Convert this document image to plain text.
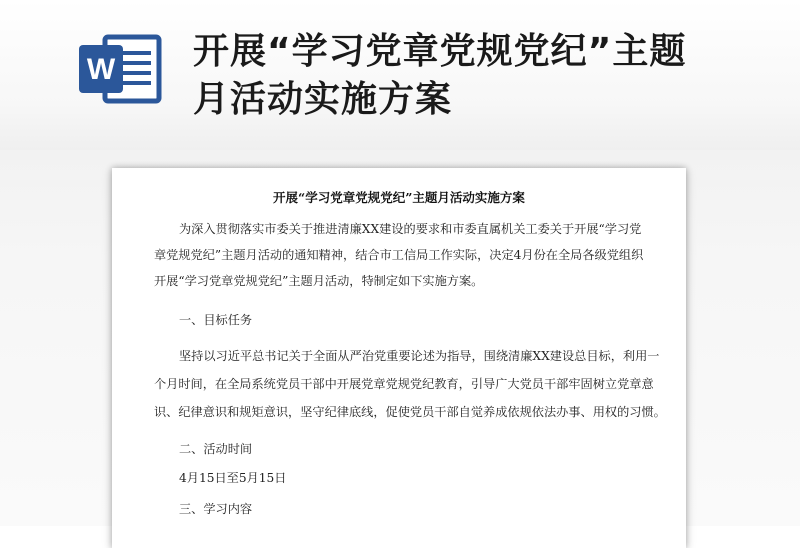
W 开展“学习党章党规党纪”主题
月活动实施方案
开展“学习党章党规党纪”主题月活动实施方案
为深入贯彻落实市委关于推进清廉XX建设的要求和市委直属机关工委关于开展“学习党
章党规党纪”主题月活动的通知精神，结合市工信局工作实际，决定4月份在全局各级党组织
开展“学习党章党规党纪”主题月活动，特制定如下实施方案。
一、目标任务
坚持以习近平总书记关于全面从严治党重要论述为指导，围绕清廉XX建设总目标，利用一
个月时间，在全局系统党员干部中开展党章党规党纪教育，引导广大党员干部牢固树立党章意
识、纪律意识和规矩意识，坚守纪律底线，促使党员干部自觉养成依规依法办事、用权的习惯。
二、活动时间
4月15日至5月15日
三、学习内容
